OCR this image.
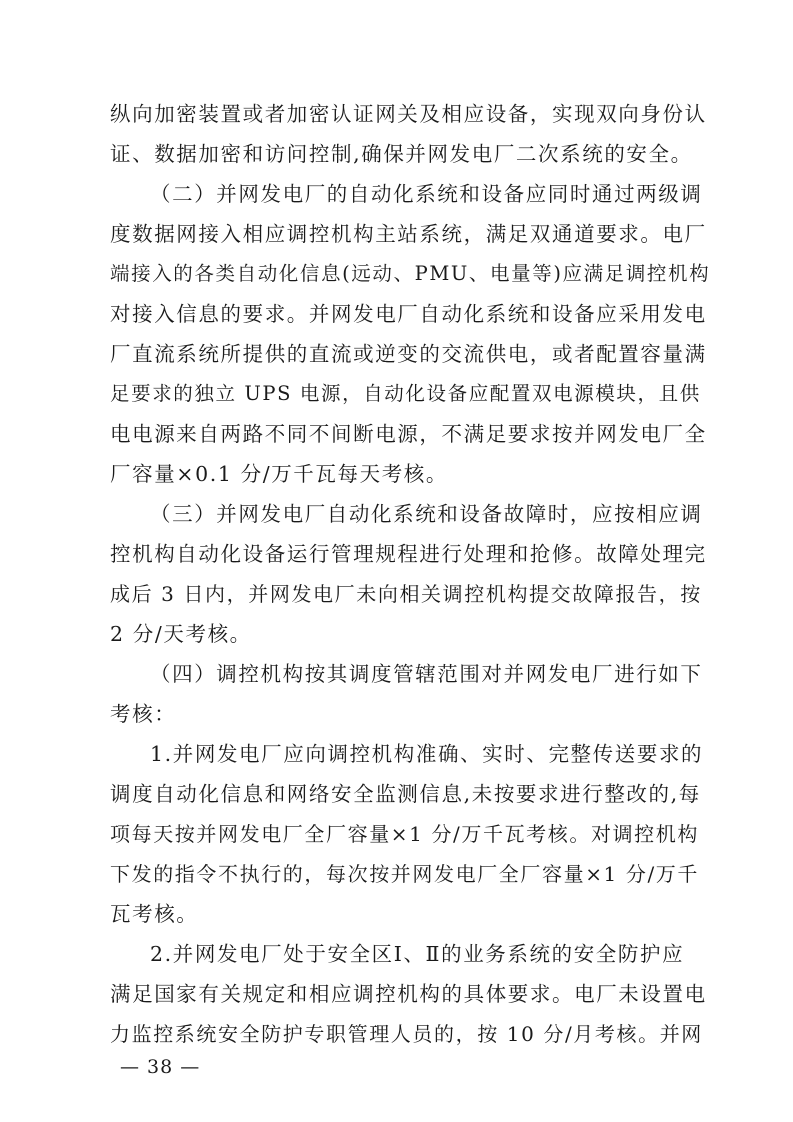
纵向加密装置或者加密认证网关及相应设备，实现双向身份认
证、数据加密和访问控制,确保并网发电厂二次系统的安全。
（二）并网发电厂的自动化系统和设备应同时通过两级调
度数据网接入相应调控机构主站系统，满足双通道要求。电厂
端接入的各类自动化信息(远动、PMU、电量等)应满足调控机构
对接入信息的要求。并网发电厂自动化系统和设备应采用发电
厂直流系统所提供的直流或逆变的交流供电，或者配置容量满
足要求的独立 UPS 电源，自动化设备应配置双电源模块，且供
电电源来自两路不同不间断电源，不满足要求按并网发电厂全
厂容量×0.1 分/万千瓦每天考核。
（三）并网发电厂自动化系统和设备故障时，应按相应调
控机构自动化设备运行管理规程进行处理和抢修。故障处理完
成后 3 日内，并网发电厂未向相关调控机构提交故障报告，按
2 分/天考核。
（四）调控机构按其调度管辖范围对并网发电厂进行如下
考核：
1.并网发电厂应向调控机构准确、实时、完整传送要求的
调度自动化信息和网络安全监测信息,未按要求进行整改的,每
项每天按并网发电厂全厂容量×1 分/万千瓦考核。对调控机构
下发的指令不执行的，每次按并网发电厂全厂容量×1 分/万千
瓦考核。
2.并网发电厂处于安全区Ⅰ、Ⅱ的业务系统的安全防护应
满足国家有关规定和相应调控机构的具体要求。电厂未设置电
力监控系统安全防护专职管理人员的，按 10 分/月考核。并网
— 38 —
